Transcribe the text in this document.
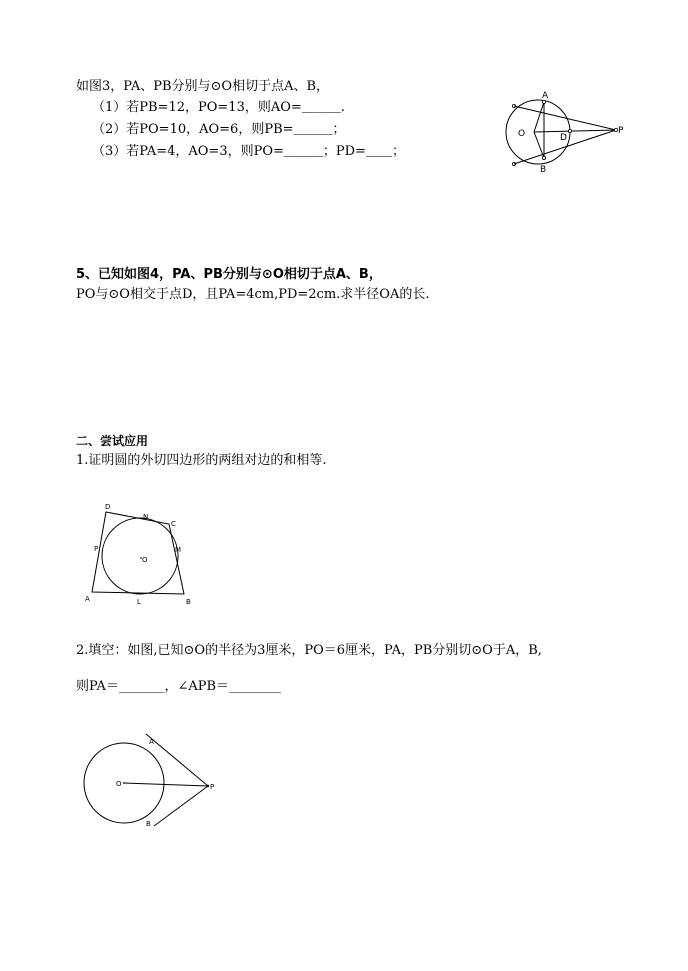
如图3，PA、PB分别与⊙O相切于点A、B，
（1）若PB=12，PO=13，则AO=＿＿＿.
（2）若PO=10，AO=6，则PB=＿＿＿；
（3）若PA=4，AO=3，则PO=＿＿＿；PD=＿＿；
A
O	D
P
B
5、已知如图4，PA、PB分别与⊙O相切于点A、B，
PO与⊙O相交于点D，且PA=4cm,PD=2cm.求半径OA的长.
二、尝试应用
1.证明圆的外切四边形的两组对边的和相等.
D
N
C
P
O
M
A	L	B
2.填空：如图,已知⊙O的半径为3厘米，PO＝6厘米，PA，PB分别切⊙O于A，B,
则PA＝_______，∠APB＝________
A
O	P
B
